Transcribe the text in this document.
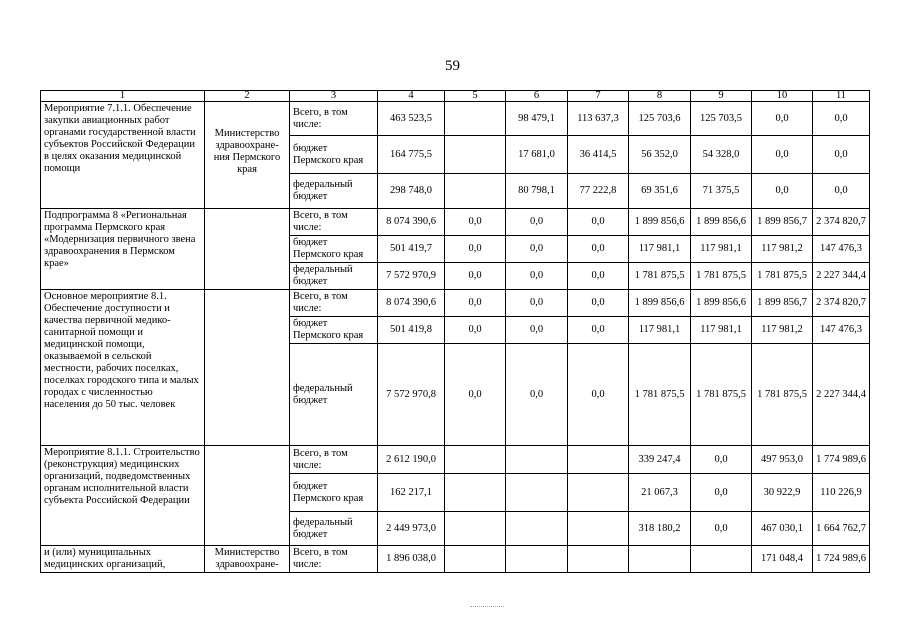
59
1	2	3	4	5	6	7	8	9	10	11
Мероприятие 7.1.1. Обеспечение закупки авиационных работ органами государственной власти субъектов Российской Федерации в целях оказания медицинской помощи	Министерство здравоохране-ния Пермского края	Всего, в том числе:	463 523,5		98 479,1	113 637,3	125 703,6	125 703,5	0,0	0,0
		бюджет Пермского края	164 775,5		17 681,0	36 414,5	56 352,0	54 328,0	0,0	0,0
		федеральный бюджет	298 748,0		80 798,1	77 222,8	69 351,6	71 375,5	0,0	0,0
Подпрограмма 8 «Региональная программа Пермского края «Модернизация первичного звена здравоохранения в Пермском крае»		Всего, в том числе:	8 074 390,6	0,0	0,0	0,0	1 899 856,6	1 899 856,6	1 899 856,7	2 374 820,7
		бюджет Пермского края	501 419,7	0,0	0,0	0,0	117 981,1	117 981,1	117 981,2	147 476,3
		федеральный бюджет	7 572 970,9	0,0	0,0	0,0	1 781 875,5	1 781 875,5	1 781 875,5	2 227 344,4
Основное мероприятие 8.1. Обеспечение доступности и качества первичной медико-санитарной помощи и медицинской помощи, оказываемой в сельской местности, рабочих поселках, поселках городского типа и малых городах с численностью населения до 50 тыс. человек		Всего, в том числе:	8 074 390,6	0,0	0,0	0,0	1 899 856,6	1 899 856,6	1 899 856,7	2 374 820,7
		бюджет Пермского края	501 419,8	0,0	0,0	0,0	117 981,1	117 981,1	117 981,2	147 476,3
		федеральный бюджет	7 572 970,8	0,0	0,0	0,0	1 781 875,5	1 781 875,5	1 781 875,5	2 227 344,4
Мероприятие 8.1.1. Строительство (реконструкция) медицинских организаций, подведомственных органам исполнительной власти субъекта Российской Федерации		Всего, в том числе:	2 612 190,0				339 247,4	0,0	497 953,0	1 774 989,6
		бюджет Пермского края	162 217,1				21 067,3	0,0	30 922,9	110 226,9
		федеральный бюджет	2 449 973,0				318 180,2	0,0	467 030,1	1 664 762,7
и (или) муниципальных медицинских организаций,	Министерство здравоохране-	Всего, в том числе:	1 896 038,0						171 048,4	1 724 989,6
